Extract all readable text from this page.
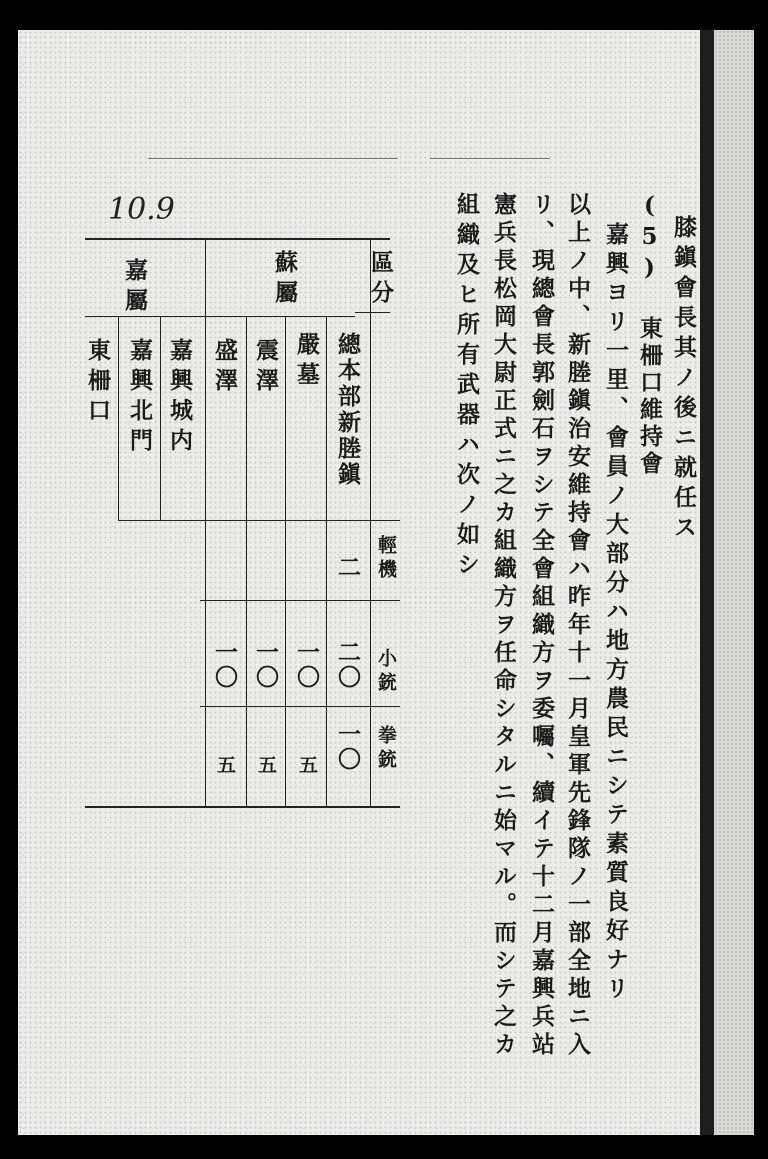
10.9
膝鎭會長其ノ後ニ就任ス
(5) 東柵口維持會
嘉興ヨリ一里、會員ノ大部分ハ地方農民ニシテ素質良好ナリ
以上ノ中、新塍鎭治安維持會ハ昨年十一月皇軍先鋒隊ノ一部全地ニ入
リ、現總會長郭劍石ヲシテ全會組織方ヲ委囑、續イテ十二月嘉興兵站
憲兵長松岡大尉正式ニ之カ組織方ヲ任命シタルニ始マル。而シテ之カ
組織及ヒ所有武器ハ次ノ如シ
區分
蘇屬
嘉屬
輕機
小銃
拳銃
總本部新塍鎭
嚴墓
震澤
盛澤
嘉興城内
嘉興北門
東柵口
二
二〇
一〇
一〇
五
一〇
五
一〇
五
